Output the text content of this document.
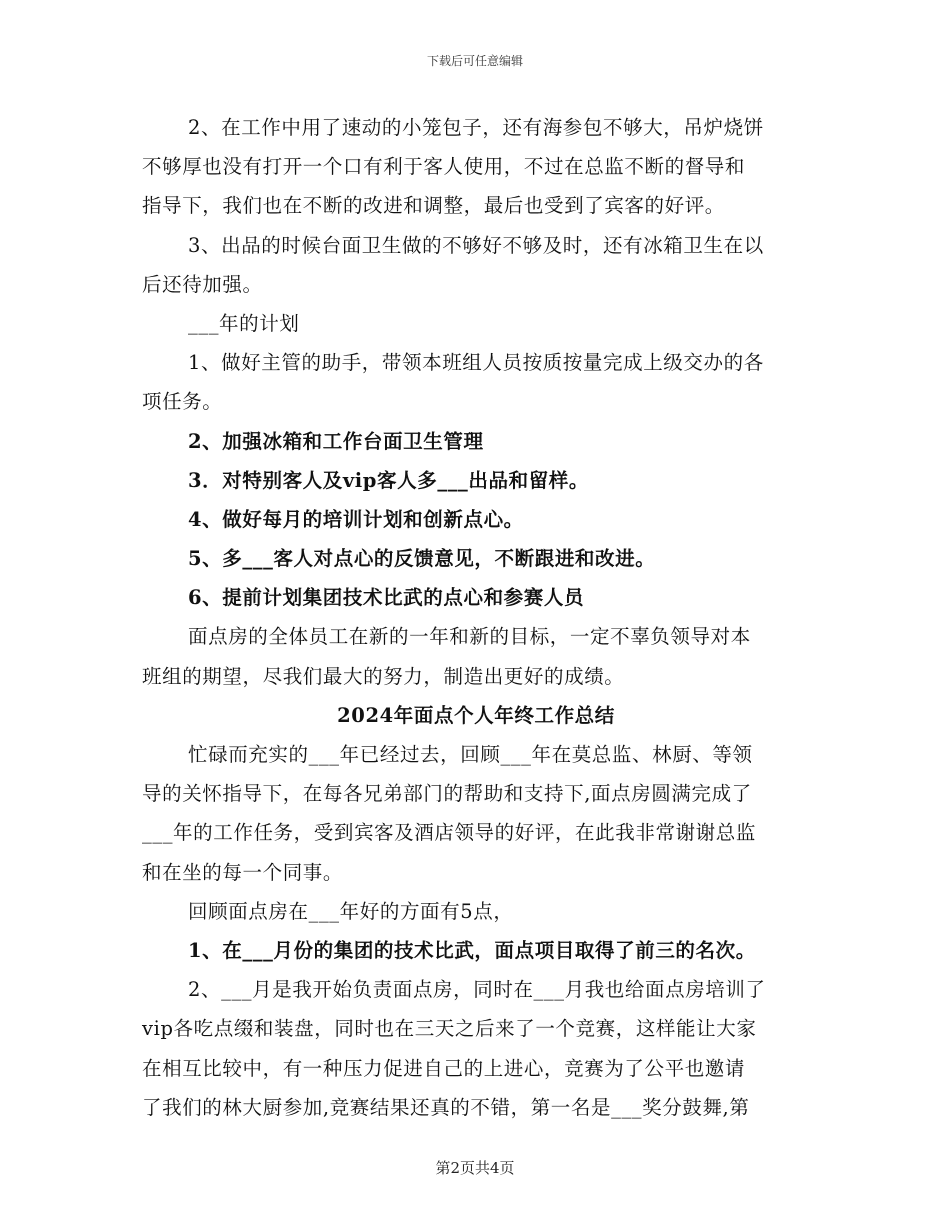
下载后可任意编辑
2、在工作中用了速动的小笼包子，还有海参包不够大，吊炉烧饼
不够厚也没有打开一个口有利于客人使用，不过在总监不断的督导和
指导下，我们也在不断的改进和调整，最后也受到了宾客的好评。
3、出品的时候台面卫生做的不够好不够及时，还有冰箱卫生在以
后还待加强。
___年的计划
1、做好主管的助手，带领本班组人员按质按量完成上级交办的各
项任务。
2、加强冰箱和工作台面卫生管理
3．对特别客人及vip客人多___出品和留样。
4、做好每月的培训计划和创新点心。
5、多___客人对点心的反馈意见，不断跟进和改进。
6、提前计划集团技术比武的点心和参赛人员
面点房的全体员工在新的一年和新的目标，一定不辜负领导对本
班组的期望，尽我们最大的努力，制造出更好的成绩。
2024年面点个人年终工作总结
忙碌而充实的___年已经过去，回顾___年在莫总监、林厨、等领
导的关怀指导下，在每各兄弟部门的帮助和支持下,面点房圆满完成了
___年的工作任务，受到宾客及酒店领导的好评，在此我非常谢谢总监
和在坐的每一个同事。
回顾面点房在___年好的方面有5点，
1、在___月份的集团的技术比武，面点项目取得了前三的名次。
2、___月是我开始负责面点房，同时在___月我也给面点房培训了
vip各吃点缀和装盘，同时也在三天之后来了一个竞赛，这样能让大家
在相互比较中，有一种压力促进自己的上进心，竞赛为了公平也邀请
了我们的林大厨参加,竞赛结果还真的不错，第一名是___奖分鼓舞,第
第2页共4页
